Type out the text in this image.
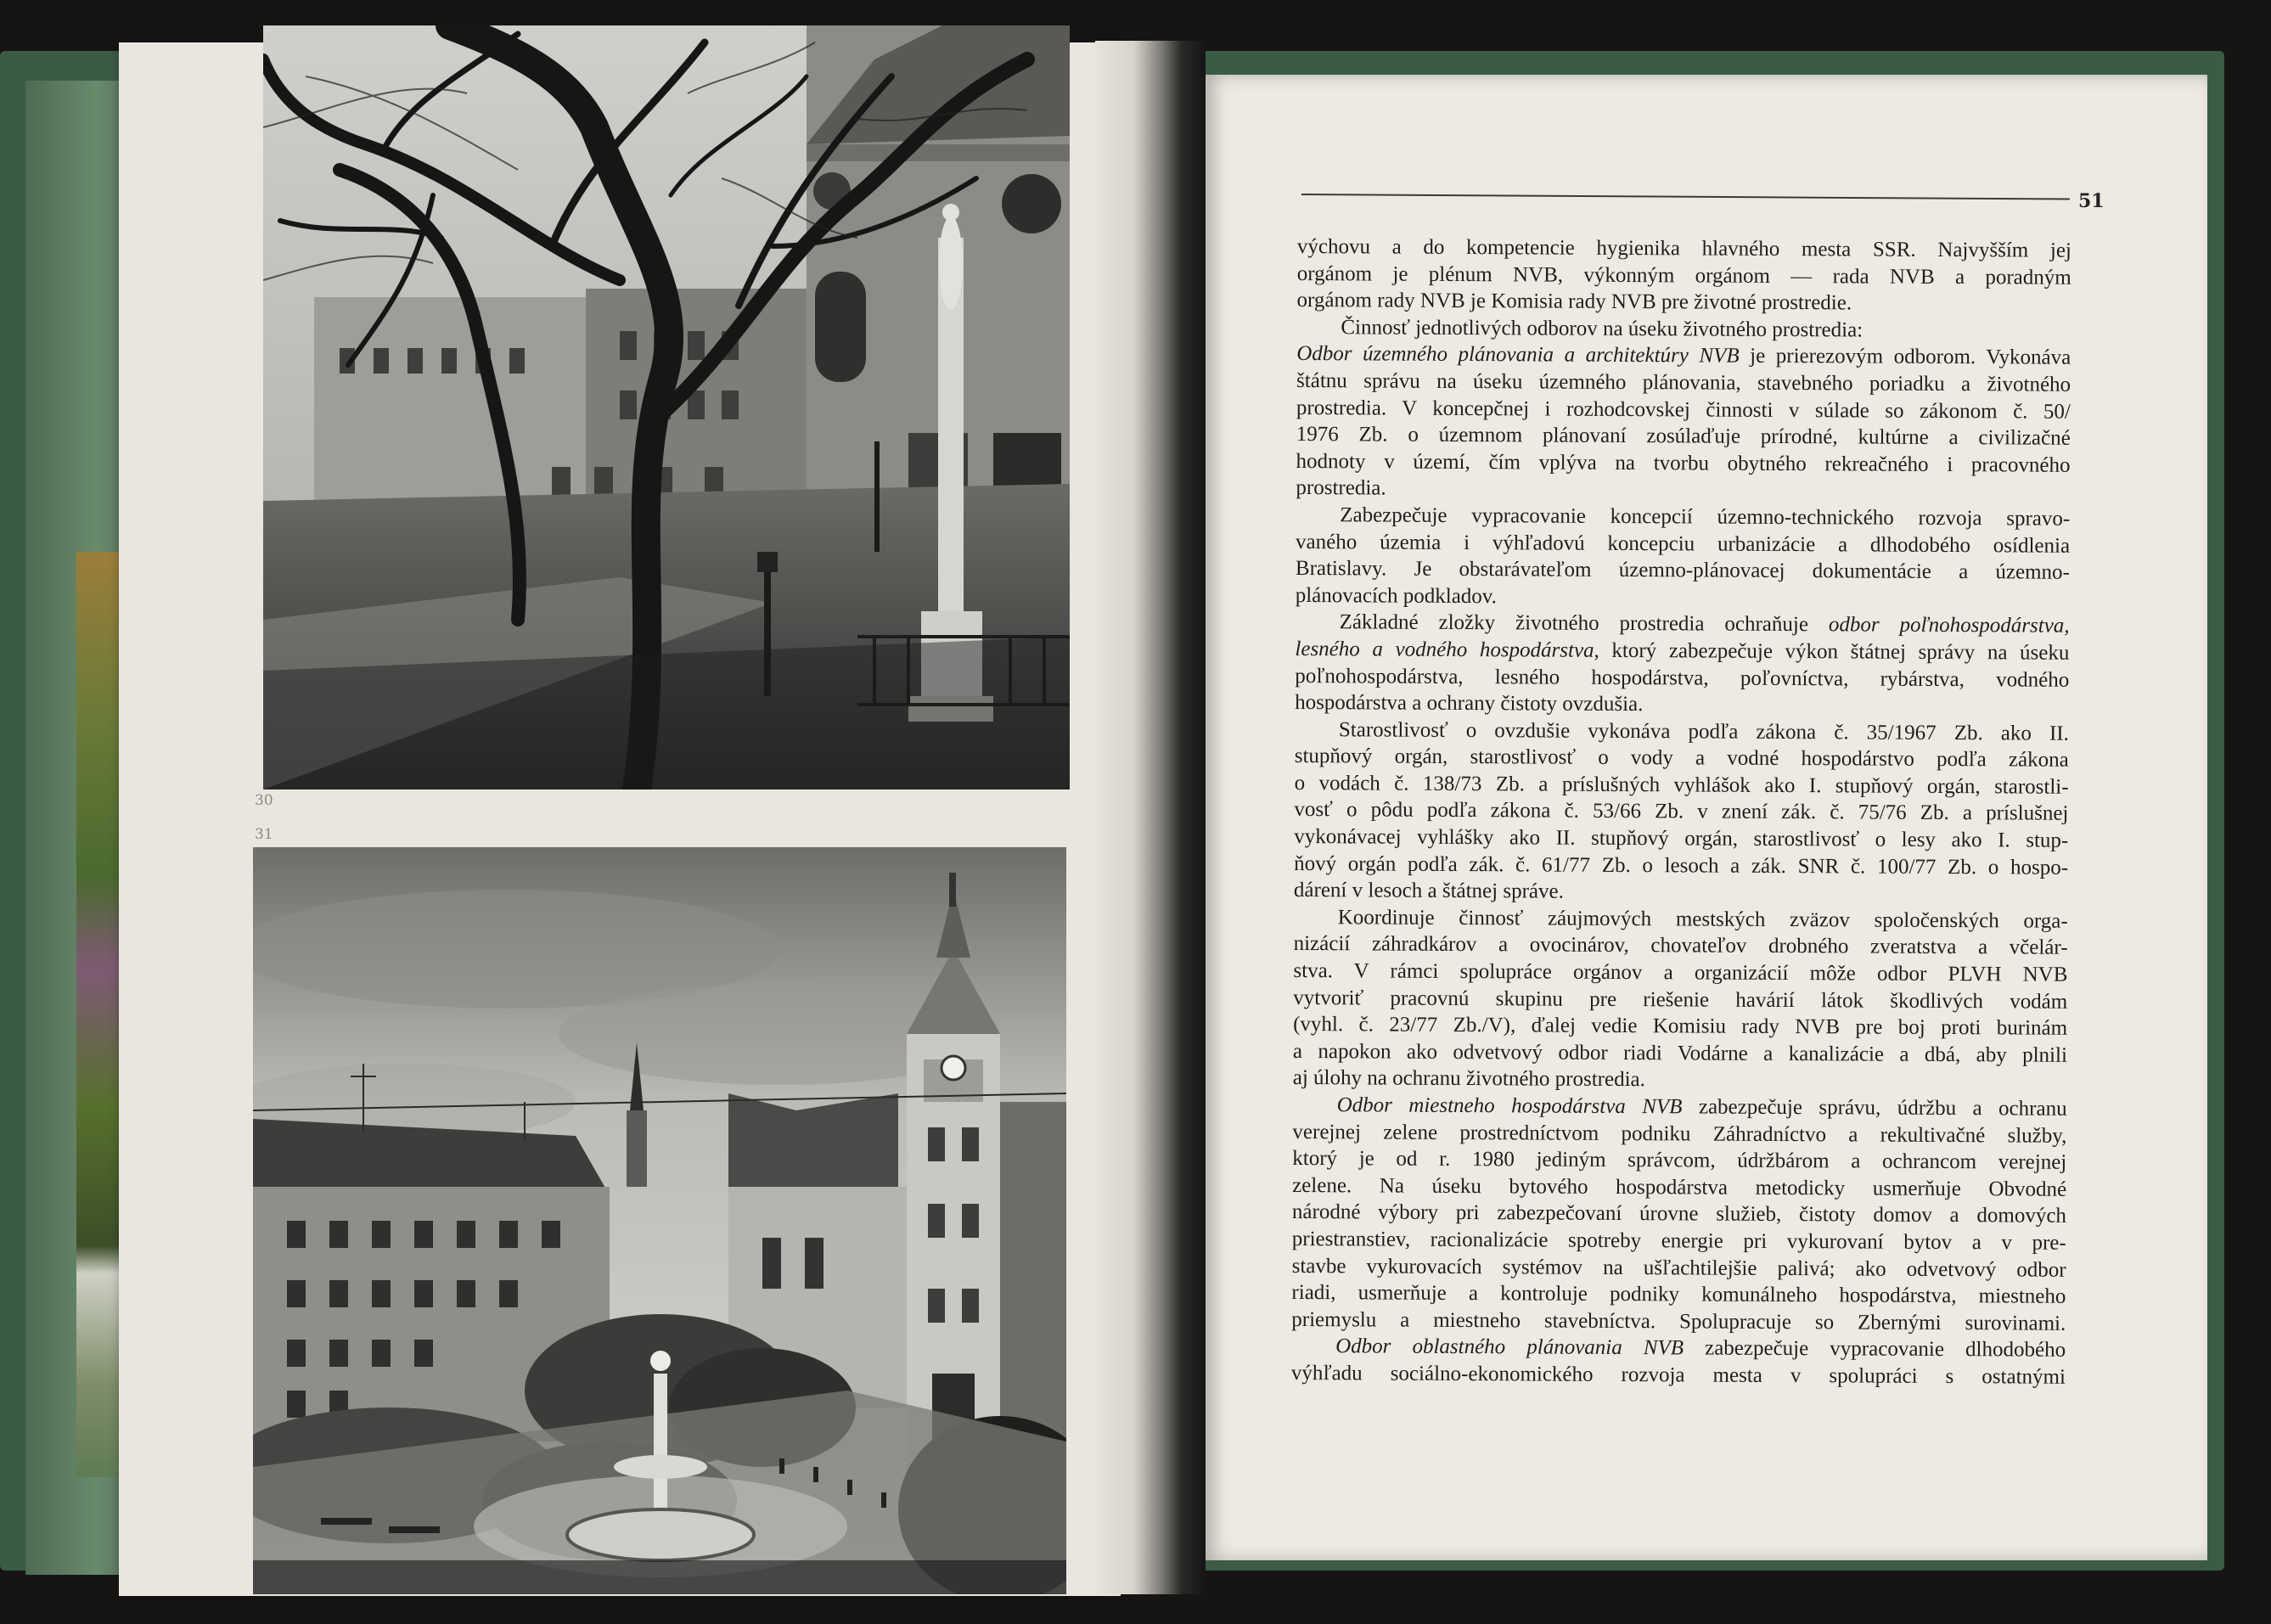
30
31
51
výchovu a do kompetencie hygienika hlavného mesta SSR. Najvyšším jej
orgánom je plénum NVB, výkonným orgánom — rada NVB a poradným
orgánom rady NVB je Komisia rady NVB pre životné prostredie.
Činnosť jednotlivých odborov na úseku životného prostredia:
Odbor územného plánovania a architektúry NVB je prierezovým odborom. Vykonáva
štátnu správu na úseku územného plánovania, stavebného poriadku a životného
prostredia. V koncepčnej i rozhodcovskej činnosti v súlade so zákonom č. 50/
1976 Zb. o územnom plánovaní zosúlaďuje prírodné, kultúrne a civilizačné
hodnoty v území, čím vplýva na tvorbu obytného rekreačného i pracovného
prostredia.
Zabezpečuje vypracovanie koncepcií územno-technického rozvoja spravo-
vaného územia i výhľadovú koncepciu urbanizácie a dlhodobého osídlenia
Bratislavy. Je obstarávateľom územno-plánovacej dokumentácie a územno-
plánovacích podkladov.
Základné zložky životného prostredia ochraňuje odbor poľnohospodárstva,
lesného a vodného hospodárstva, ktorý zabezpečuje výkon štátnej správy na úseku
poľnohospodárstva, lesného hospodárstva, poľovníctva, rybárstva, vodného
hospodárstva a ochrany čistoty ovzdušia.
Starostlivosť o ovzdušie vykonáva podľa zákona č. 35/1967 Zb. ako II.
stupňový orgán, starostlivosť o vody a vodné hospodárstvo podľa zákona
o vodách č. 138/73 Zb. a príslušných vyhlášok ako I. stupňový orgán, starostli-
vosť o pôdu podľa zákona č. 53/66 Zb. v znení zák. č. 75/76 Zb. a príslušnej
vykonávacej vyhlášky ako II. stupňový orgán, starostlivosť o lesy ako I. stup-
ňový orgán podľa zák. č. 61/77 Zb. o lesoch a zák. SNR č. 100/77 Zb. o hospo-
dárení v lesoch a štátnej správe.
Koordinuje činnosť záujmových mestských zväzov spoločenských orga-
nizácií záhradkárov a ovocinárov, chovateľov drobného zveratstva a včelár-
stva. V rámci spolupráce orgánov a organizácií môže odbor PLVH NVB
vytvoriť pracovnú skupinu pre riešenie havárií látok škodlivých vodám
(vyhl. č. 23/77 Zb./V), ďalej vedie Komisiu rady NVB pre boj proti burinám
a napokon ako odvetvový odbor riadi Vodárne a kanalizácie a dbá, aby plnili
aj úlohy na ochranu životného prostredia.
Odbor miestneho hospodárstva NVB zabezpečuje správu, údržbu a ochranu
verejnej zelene prostredníctvom podniku Záhradníctvo a rekultivačné služby,
ktorý je od r. 1980 jediným správcom, údržbárom a ochrancom verejnej
zelene. Na úseku bytového hospodárstva metodicky usmerňuje Obvodné
národné výbory pri zabezpečovaní úrovne služieb, čistoty domov a domových
priestranstiev, racionalizácie spotreby energie pri vykurovaní bytov a v pre-
stavbe vykurovacích systémov na ušľachtilejšie palivá; ako odvetvový odbor
riadi, usmerňuje a kontroluje podniky komunálneho hospodárstva, miestneho
priemyslu a miestneho stavebníctva. Spolupracuje so Zbernými surovinami.
Odbor oblastného plánovania NVB zabezpečuje vypracovanie dlhodobého
výhľadu sociálno-ekonomického rozvoja mesta v spolupráci s ostatnými
